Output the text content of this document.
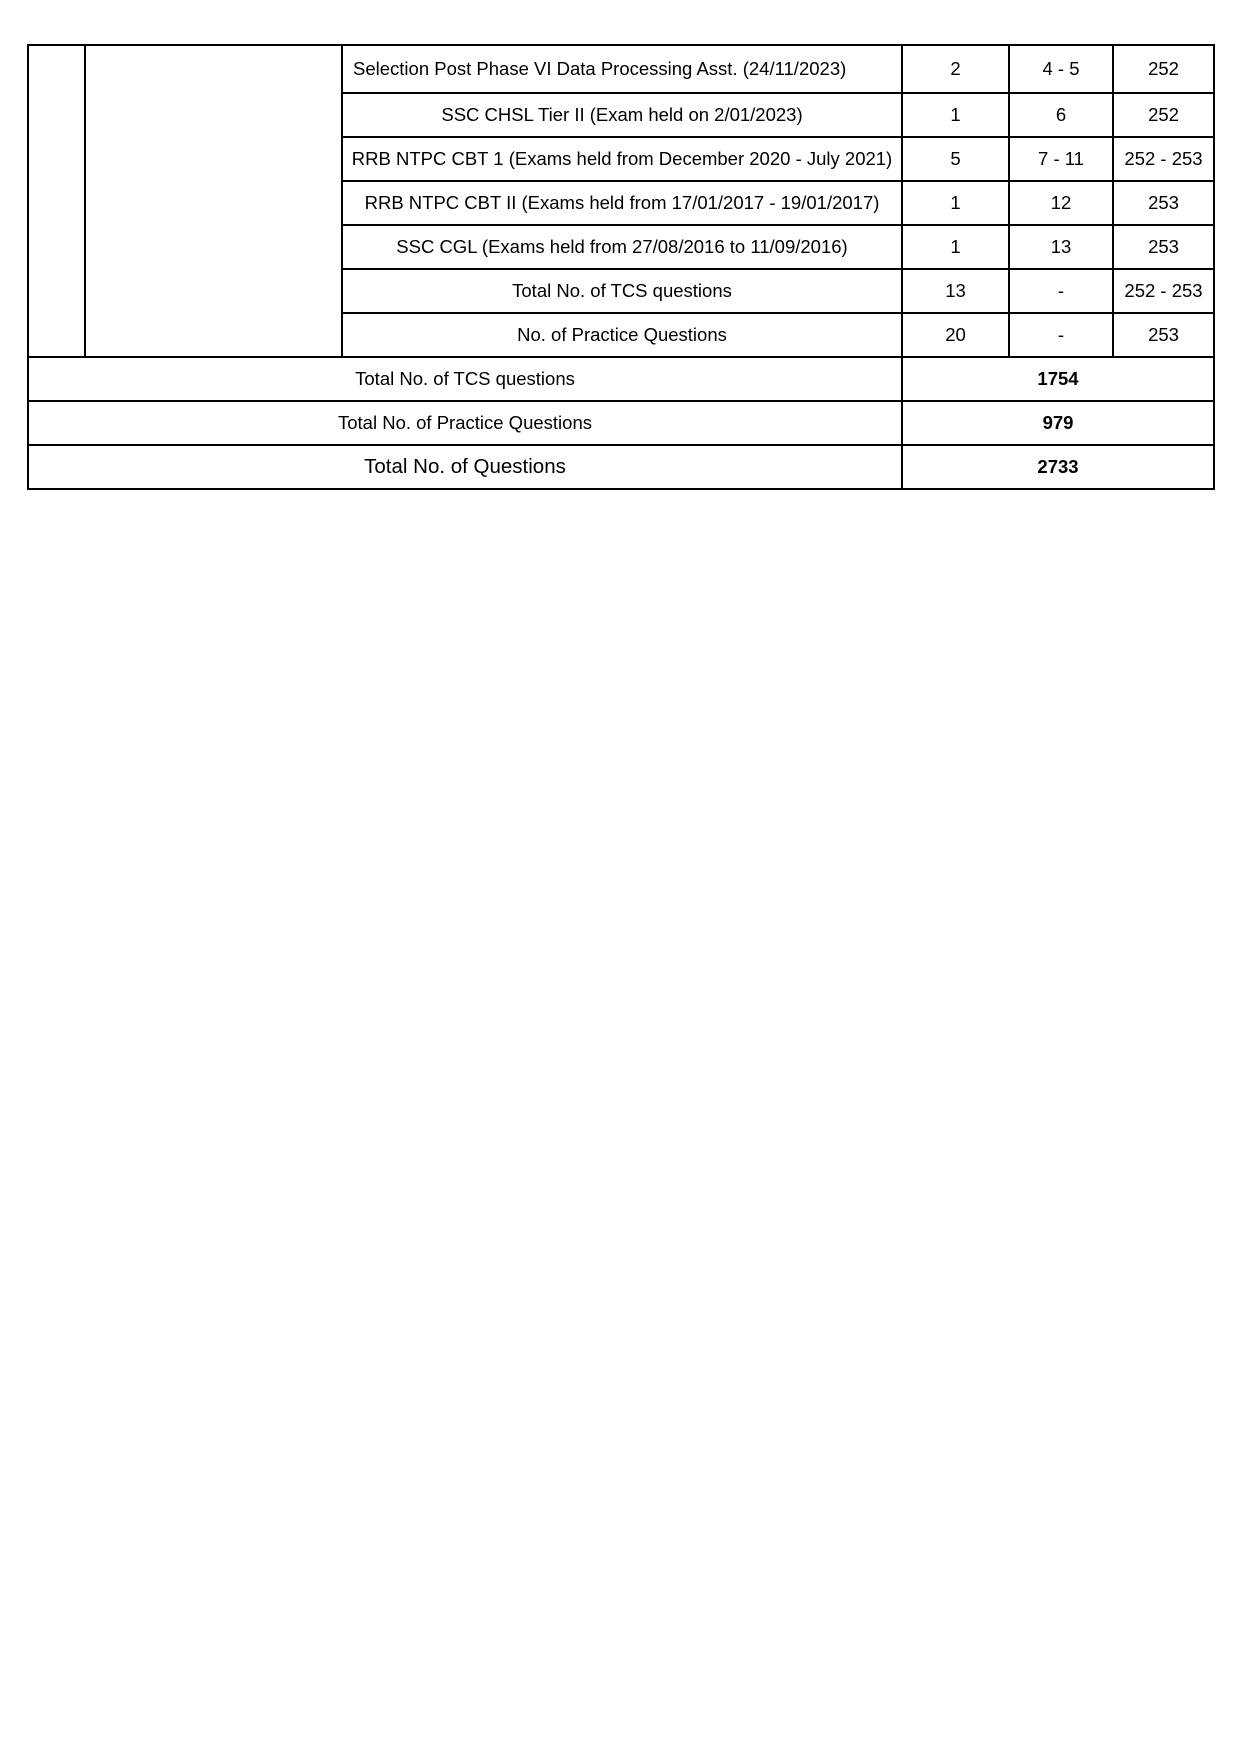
		Selection Post Phase VI Data Processing Asst. (24/11/2023)	2	4 - 5	252
		SSC CHSL Tier II (Exam held on 2/01/2023)	1	6	252
		RRB NTPC CBT 1 (Exams held from December 2020 - July 2021)	5	7 - 11	252 - 253
		RRB NTPC CBT II (Exams held from 17/01/2017 - 19/01/2017)	1	12	253
		SSC CGL (Exams held from 27/08/2016 to 11/09/2016)	1	13	253
		Total No. of TCS questions	13	-	252 - 253
		No. of Practice Questions	20	-	253
Total No. of TCS questions			1754		
Total No. of Practice Questions			979		
Total No. of Questions			2733		
